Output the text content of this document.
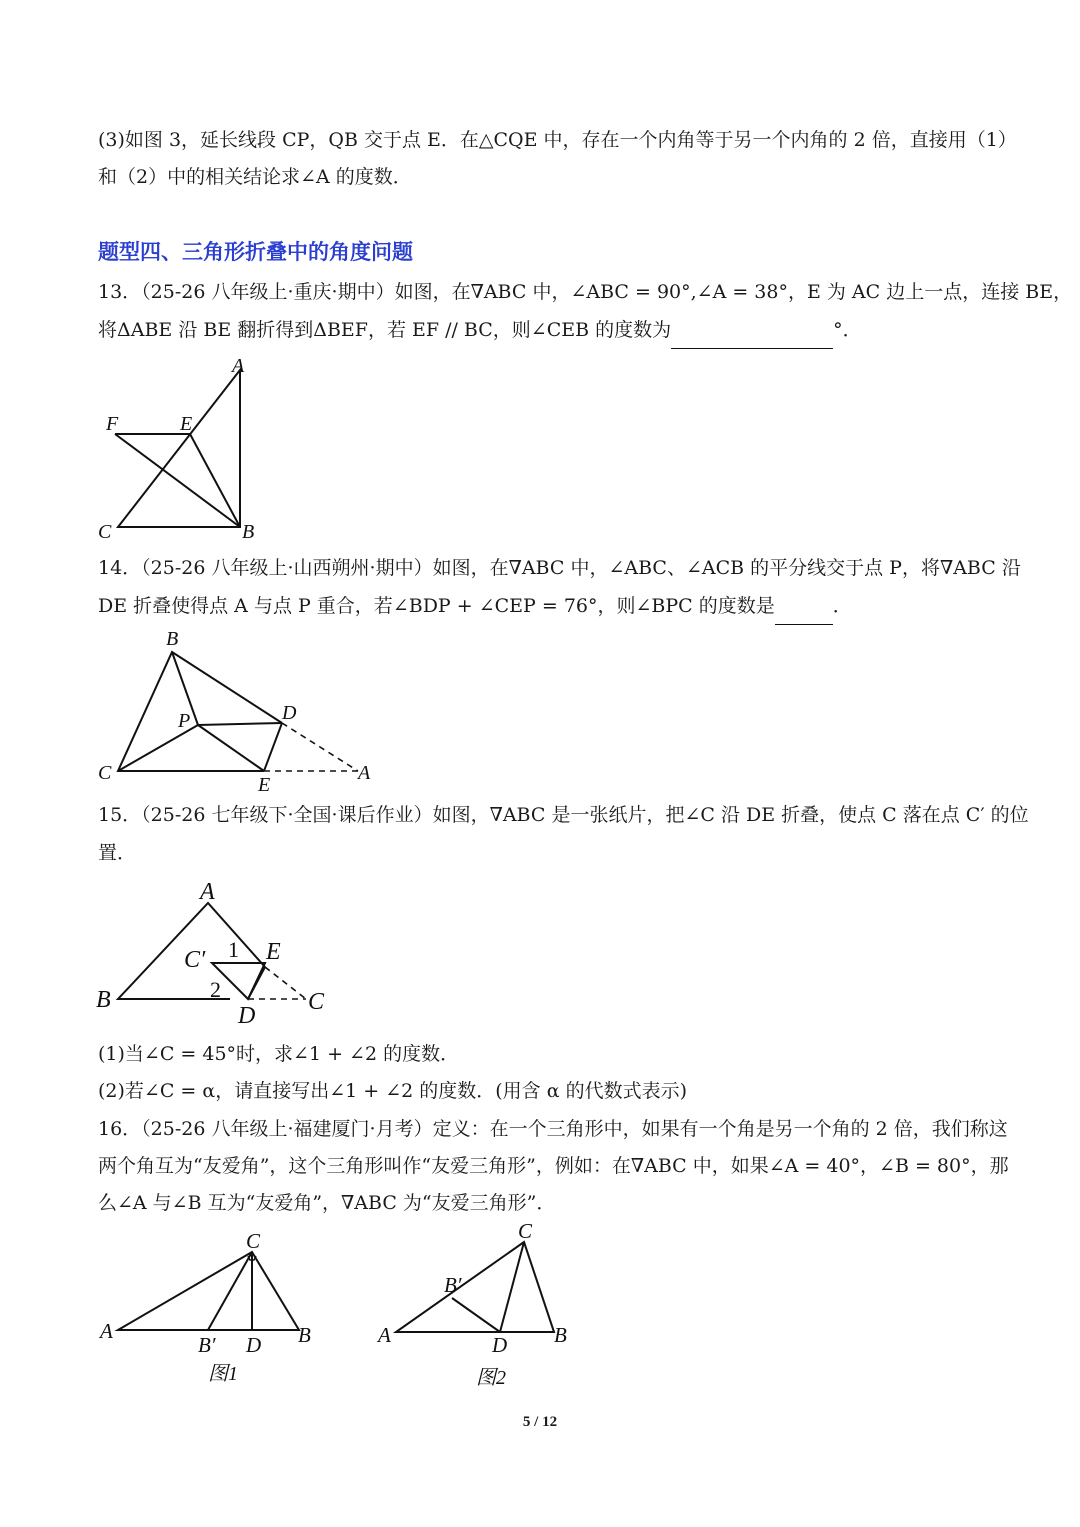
(3)如图 3，延长线段 CP，QB 交于点 E．在△CQE 中，存在一个内角等于另一个内角的 2 倍，直接用（1）

和（2）中的相关结论求∠A 的度数．

题型四、三角形折叠中的角度问题

13．（25-26 八年级上·重庆·期中）如图，在∇ABC 中，∠ABC = 90°,∠A = 38°，E 为 AC 边上一点，连接 BE，

将ΔABE 沿 BE 翻折得到ΔBEF，若 EF // BC，则∠CEB 的度数为	°．

A
F	E
C	B

14．（25-26 八年级上·山西朔州·期中）如图，在∇ABC 中，∠ABC、∠ACB 的平分线交于点 P，将∇ABC 沿

DE 折叠使得点 A 与点 P 重合，若∠BDP + ∠CEP = 76°，则∠BPC 的度数是	．

B
P	D
C
E
A

15．（25-26 七年级下·全国·课后作业）如图，∇ABC 是一张纸片，把∠C 沿 DE 折叠，使点 C 落在点 C′ 的位

置．

A
C′ 1 E
2
B
D
C

(1)当∠C = 45°时，求∠1 + ∠2 的度数．

(2)若∠C = α，请直接写出∠1 + ∠2 的度数．(用含 α 的代数式表示)

16．（25-26 八年级上·福建厦门·月考）定义：在一个三角形中，如果有一个角是另一个角的 2 倍，我们称这

两个角互为“友爱角”，这个三角形叫作“友爱三角形”，例如：在∇ABC 中，如果∠A = 40°，∠B = 80°，那

么∠A 与∠B 互为“友爱角”，∇ABC 为“友爱三角形”．

C
A
B′ D B
图1
C
B′
A	D B
图2
5 / 12
